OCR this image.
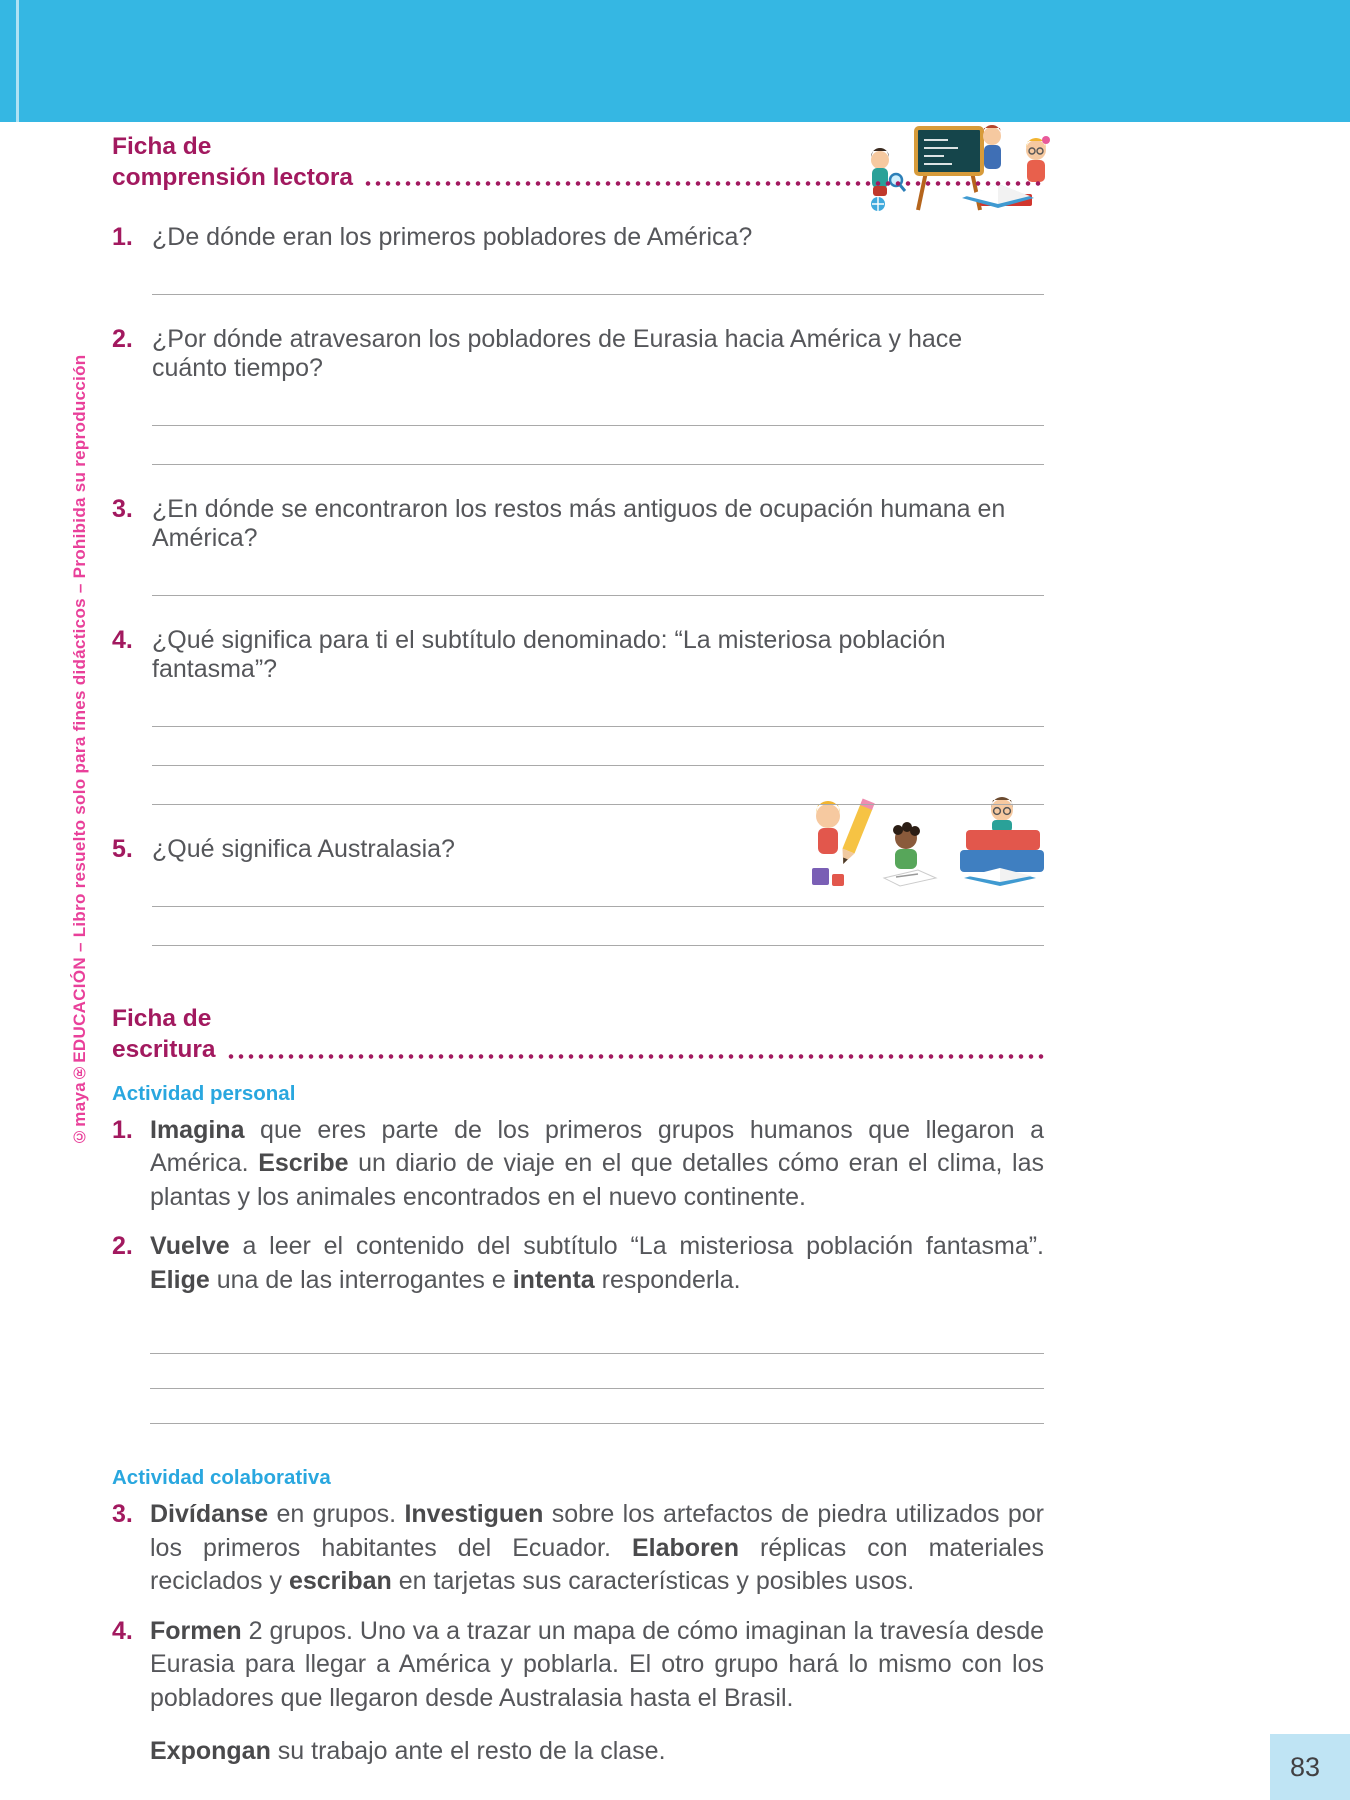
©maya®EDUCACIÓN – Libro resuelto solo para fines didácticos – Prohibida su reproducción
Ficha de
comprensión lectora
1. ¿De dónde eran los primeros pobladores de América?
2. ¿Por dónde atravesaron los pobladores de Eurasia hacia América y hace cuánto tiempo?
3. ¿En dónde se encontraron los restos más antiguos de ocupación humana en América?
4. ¿Qué significa para ti el subtítulo denominado: “La misteriosa población fantasma”?
5. ¿Qué significa Australasia?
Ficha de
escritura
Actividad personal
1. Imagina que eres parte de los primeros grupos humanos que llegaron a América. Escribe un diario de viaje en el que detalles cómo eran el clima, las plantas y los animales encontrados en el nuevo continente.
2. Vuelve a leer el contenido del subtítulo “La misteriosa población fantasma”. Elige una de las interrogantes e intenta responderla.
Actividad colaborativa
3. Divídanse en grupos. Investiguen sobre los artefactos de piedra utilizados por los primeros habitantes del Ecuador. Elaboren réplicas con materiales reciclados y escriban en tarjetas sus características y posibles usos.
4. Formen 2 grupos. Uno va a trazar un mapa de cómo imaginan la travesía desde Eurasia para llegar a América y poblarla. El otro grupo hará lo mismo con los pobladores que llegaron desde Australasia hasta el Brasil.
Expongan su trabajo ante el resto de la clase.
83
